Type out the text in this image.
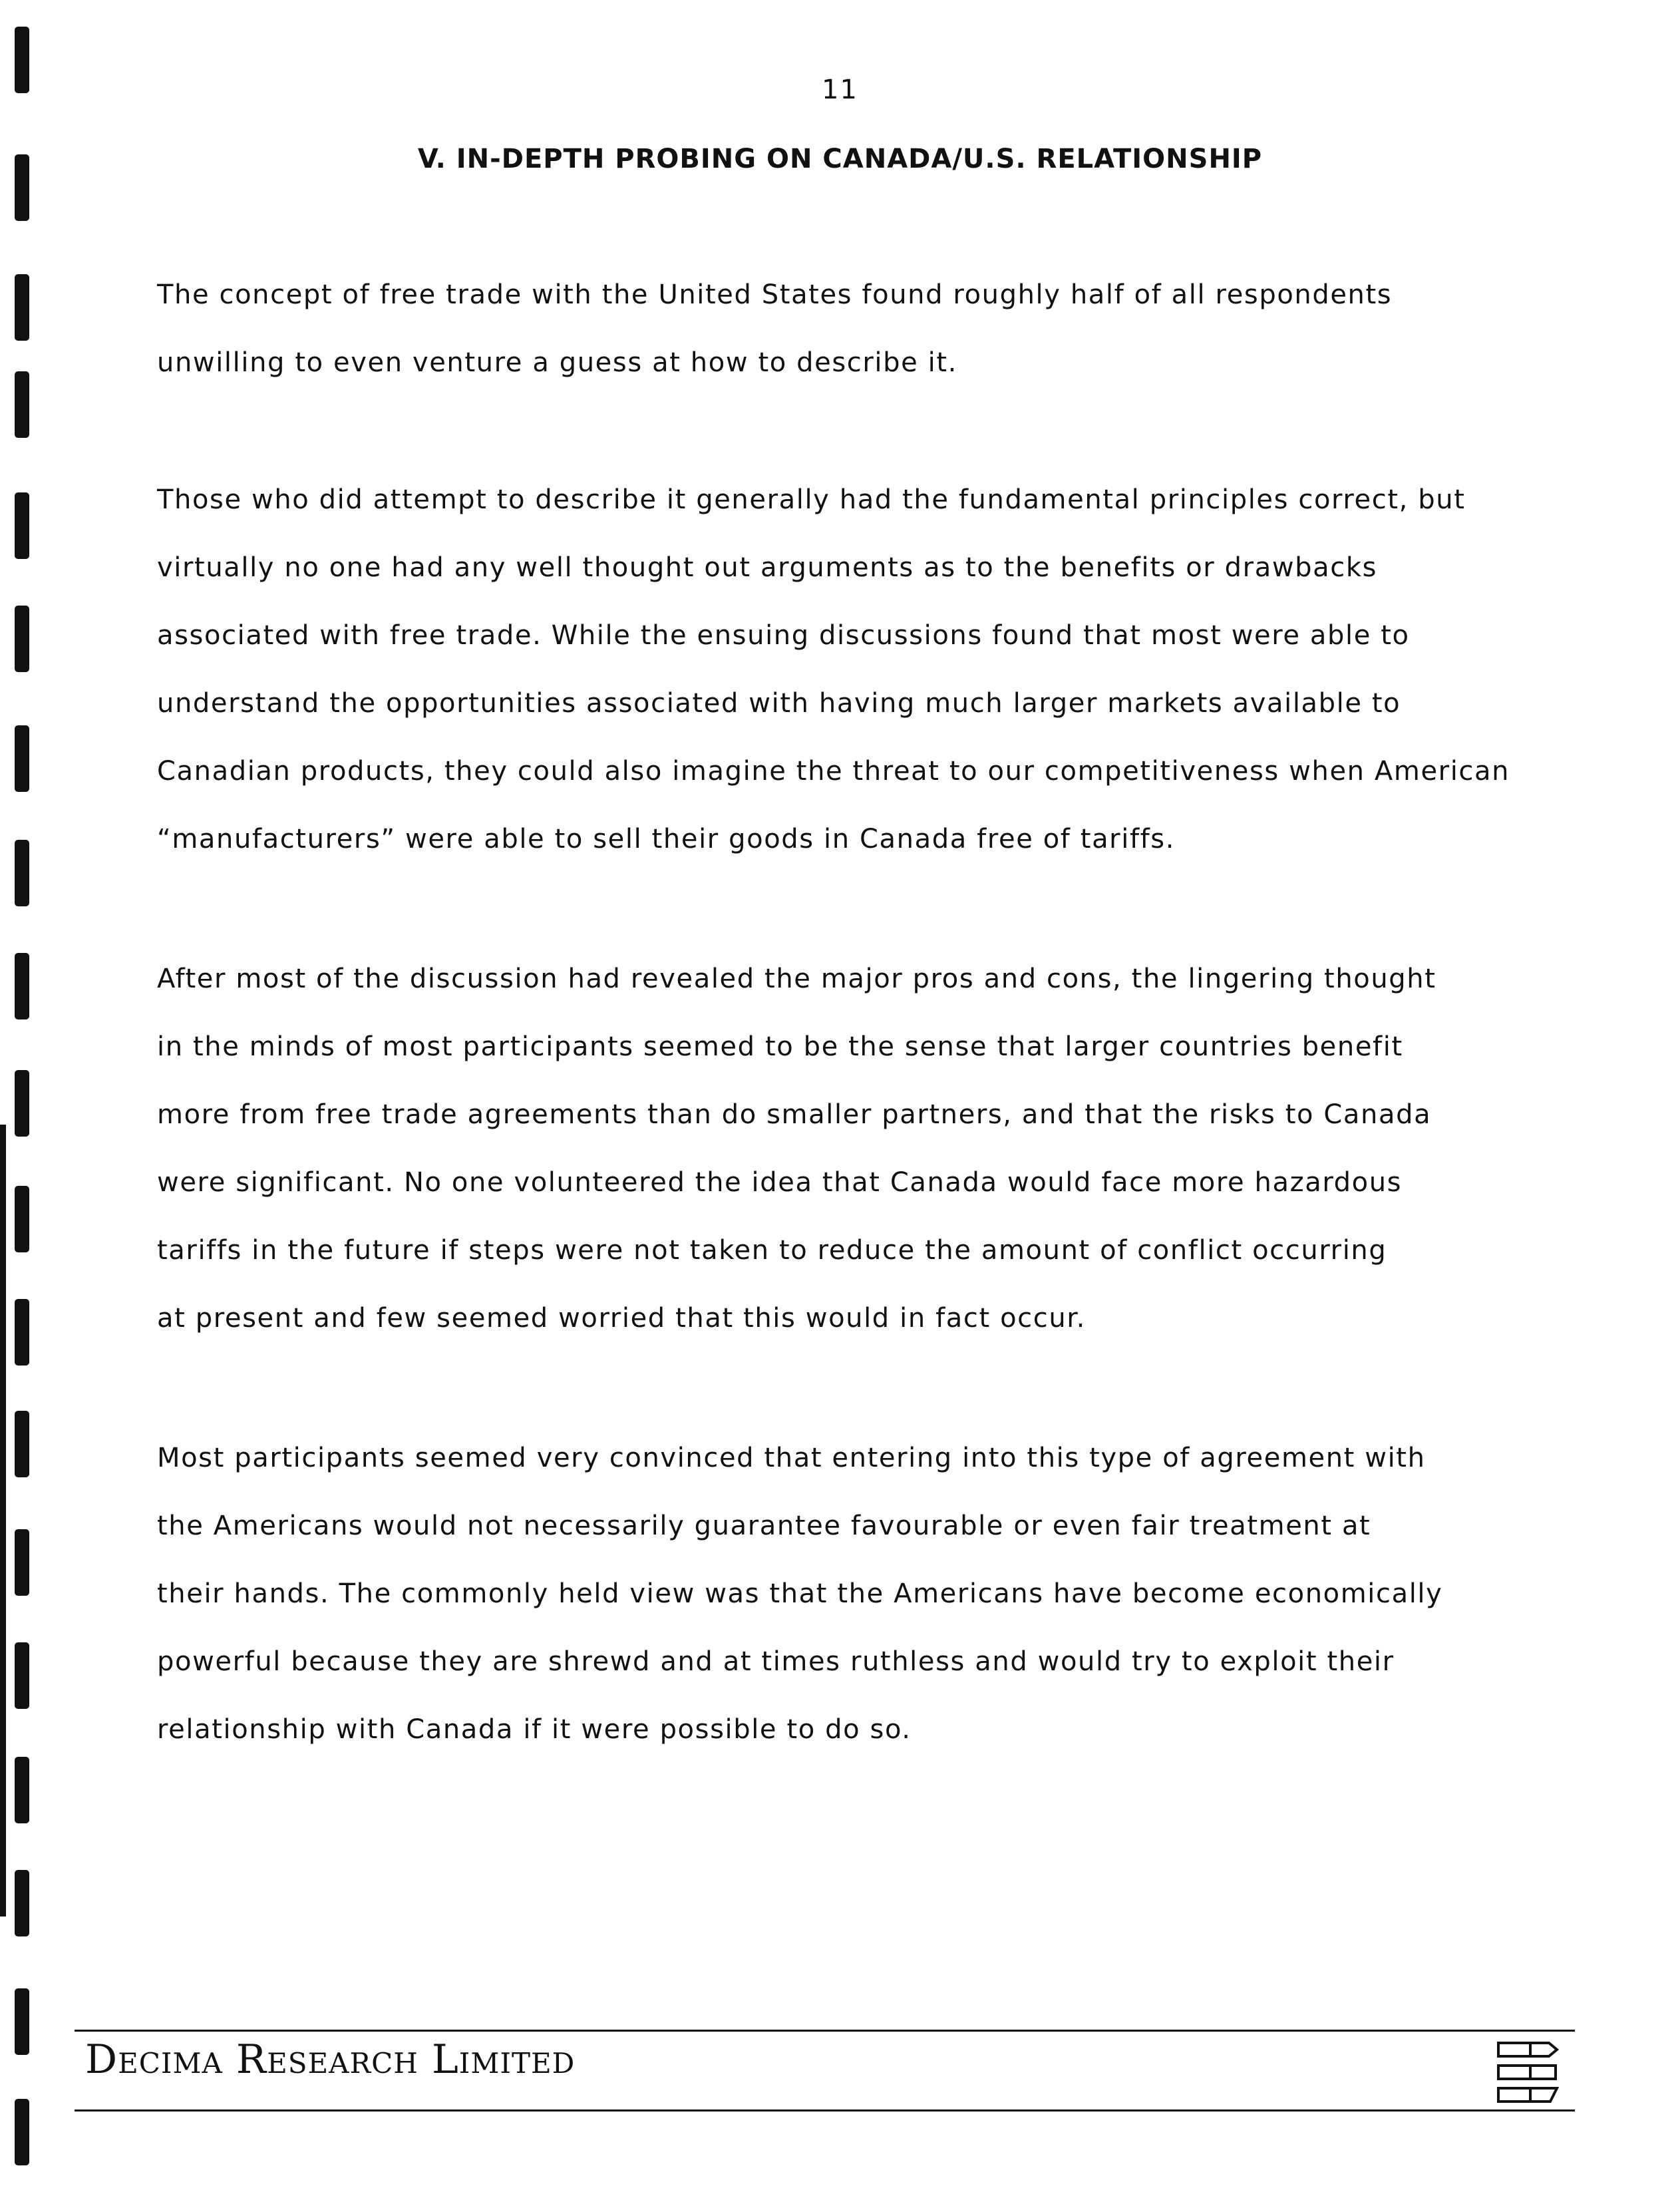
11
V. IN-DEPTH PROBING ON CANADA/U.S. RELATIONSHIP
The concept of free trade with the United States found roughly half of all respondents
unwilling to even venture a guess at how to describe it.
Those who did attempt to describe it generally had the fundamental principles correct, but
virtually no one had any well thought out arguments as to the benefits or drawbacks
associated with free trade. While the ensuing discussions found that most were able to
understand the opportunities associated with having much larger markets available to
Canadian products, they could also imagine the threat to our competitiveness when American
“manufacturers” were able to sell their goods in Canada free of tariffs.
After most of the discussion had revealed the major pros and cons, the lingering thought
in the minds of most participants seemed to be the sense that larger countries benefit
more from free trade agreements than do smaller partners, and that the risks to Canada
were significant. No one volunteered the idea that Canada would face more hazardous
tariffs in the future if steps were not taken to reduce the amount of conflict occurring
at present and few seemed worried that this would in fact occur.
Most participants seemed very convinced that entering into this type of agreement with
the Americans would not necessarily guarantee favourable or even fair treatment at
their hands. The commonly held view was that the Americans have become economically
powerful because they are shrewd and at times ruthless and would try to exploit their
relationship with Canada if it were possible to do so.
Decima Research Limited
